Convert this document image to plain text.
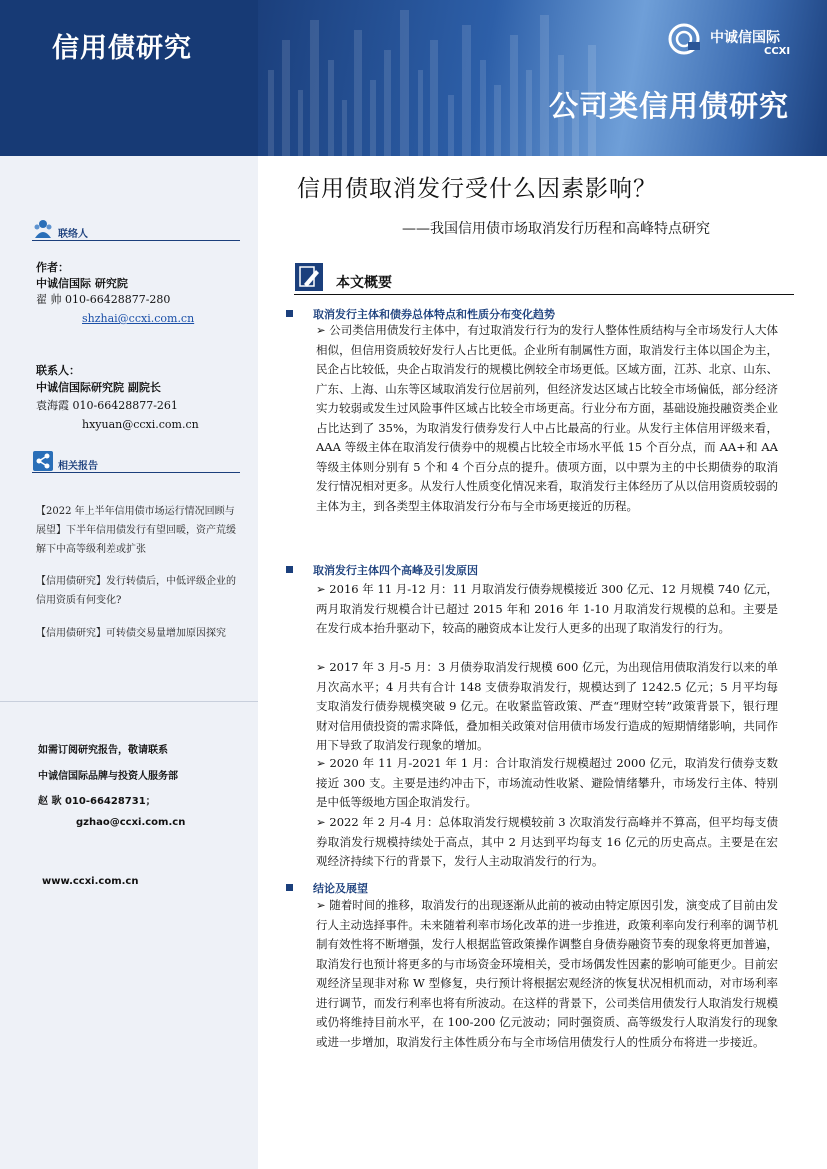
信用债研究	中诚信国际
CCXI
公司类信用债研究
联络人
作者：
中诚信国际 研究院
翟 帅 010-66428877-280
shzhai@ccxi.com.cn
联系人：
中诚信国际研究院 副院长
袁海霞 010-66428877-261
hxyuan@ccxi.com.cn
相关报告
【2022 年上半年信用债市场运行情况回顾与展望】下半年信用债发行有望回暖，资产荒缓解下中高等级利差或扩张
【信用债研究】发行转债后，中低评级企业的信用资质有何变化?
【信用债研究】可转债交易量增加原因探究
如需订阅研究报告，敬请联系
中诚信国际品牌与投资人服务部
赵 耿 010-66428731；
gzhao@ccxi.com.cn
www.ccxi.com.cn
信用债取消发行受什么因素影响？
——我国信用债市场取消发行历程和高峰特点研究
本文概要
取消发行主体和债券总体特点和性质分布变化趋势
➢ 公司类信用债发行主体中，有过取消发行行为的发行人整体性质结构与全市场发行人大体相似，但信用资质较好发行人占比更低。企业所有制属性方面，取消发行主体以国企为主，民企占比较低，央企占取消发行的规模比例较全市场更低。区域方面，江苏、北京、山东、广东、上海、山东等区域取消发行位居前列，但经济发达区域占比较全市场偏低，部分经济实力较弱或发生过风险事件区域占比较全市场更高。行业分布方面，基础设施投融资类企业占比达到了 35%，为取消发行债券发行人中占比最高的行业。从发行主体信用评级来看，AAA 等级主体在取消发行债券中的规模占比较全市场水平低 15 个百分点，而 AA+和 AA 等级主体则分别有 5 个和 4 个百分点的提升。债项方面，以中票为主的中长期债券的取消发行情况相对更多。从发行人性质变化情况来看，取消发行主体经历了从以信用资质较弱的主体为主，到各类型主体取消发行分布与全市场更接近的历程。
取消发行主体四个高峰及引发原因
➢ 2016 年 11 月-12 月：11 月取消发行债券规模接近 300 亿元、12 月规模 740 亿元，两月取消发行规模合计已超过 2015 年和 2016 年 1-10 月取消发行规模的总和。主要是在发行成本抬升驱动下，较高的融资成本让发行人更多的出现了取消发行的行为。
➢ 2017 年 3 月-5 月：3 月债券取消发行规模 600 亿元，为出现信用债取消发行以来的单月次高水平；4 月共有合计 148 支债券取消发行，规模达到了 1242.5 亿元；5 月平均每支取消发行债券规模突破 9 亿元。在收紧监管政策、严查“理财空转”政策背景下，银行理财对信用债投资的需求降低，叠加相关政策对信用债市场发行造成的短期情绪影响，共同作用下导致了取消发行现象的增加。
➢ 2020 年 11 月-2021 年 1 月：合计取消发行规模超过 2000 亿元，取消发行债券支数接近 300 支。主要是违约冲击下，市场流动性收紧、避险情绪攀升，市场发行主体、特别是中低等级地方国企取消发行。
➢ 2022 年 2 月-4 月：总体取消发行规模较前 3 次取消发行高峰并不算高，但平均每支债券取消发行规模持续处于高点，其中 2 月达到平均每支 16 亿元的历史高点。主要是在宏观经济持续下行的背景下，发行人主动取消发行的行为。
结论及展望
➢ 随着时间的推移，取消发行的出现逐渐从此前的被动由特定原因引发，演变成了目前由发行人主动选择事件。未来随着利率市场化改革的进一步推进，政策利率向发行利率的调节机制有效性将不断增强，发行人根据监管政策操作调整自身债券融资节奏的现象将更加普遍，取消发行也预计将更多的与市场资金环境相关，受市场偶发性因素的影响可能更少。目前宏观经济呈现非对称 W 型修复，央行预计将根据宏观经济的恢复状况相机而动，对市场利率进行调节，而发行利率也将有所波动。在这样的背景下，公司类信用债发行人取消发行规模或仍将维持目前水平，在 100-200 亿元波动；同时强资质、高等级发行人取消发行的现象或进一步增加，取消发行主体性质分布与全市场信用债发行人的性质分布将进一步接近。
